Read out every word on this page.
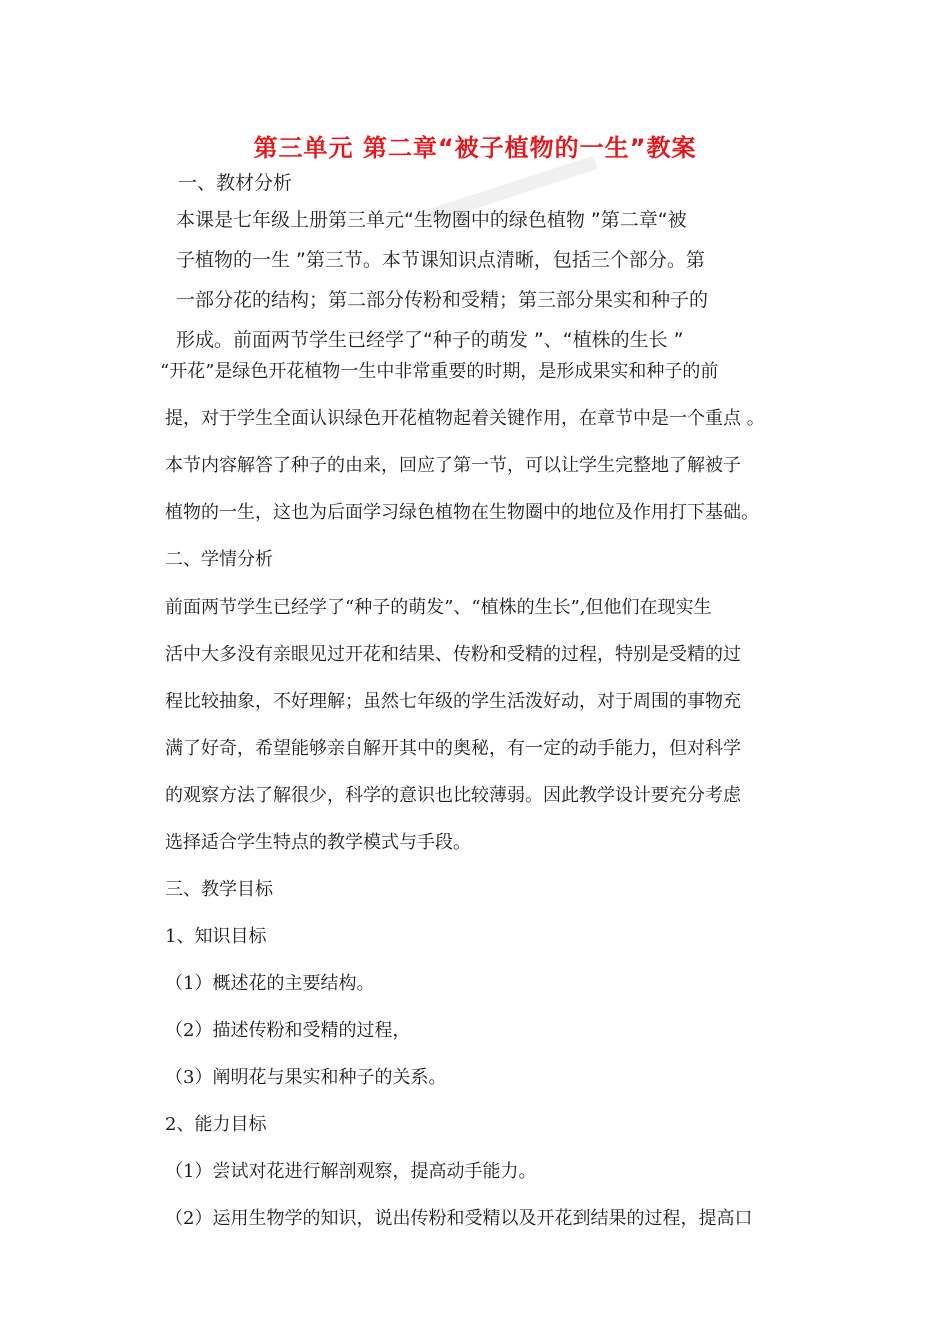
第三单元 第二章“被子植物的一生”教案
一、教材分析
本课是七年级上册第三单元“生物圈中的绿色植物 ”第二章“被
子植物的一生 ”第三节。本节课知识点清晰，包括三个部分。第
一部分花的结构；第二部分传粉和受精；第三部分果实和种子的
形成。前面两节学生已经学了“种子的萌发 ”、“植株的生长 ”
“开花”是绿色开花植物一生中非常重要的时期，是形成果实和种子的前
提，对于学生全面认识绿色开花植物起着关键作用，在章节中是一个重点 。
本节内容解答了种子的由来，回应了第一节，可以让学生完整地了解被子
植物的一生，这也为后面学习绿色植物在生物圈中的地位及作用打下基础。
二、学情分析
前面两节学生已经学了“种子的萌发”、“植株的生长”,但他们在现实生
活中大多没有亲眼见过开花和结果、传粉和受精的过程，特别是受精的过
程比较抽象，不好理解；虽然七年级的学生活泼好动，对于周围的事物充
满了好奇，希望能够亲自解开其中的奥秘，有一定的动手能力，但对科学
的观察方法了解很少，科学的意识也比较薄弱。因此教学设计要充分考虑
选择适合学生特点的教学模式与手段。
三、教学目标
1、知识目标
（1）概述花的主要结构。
（2）描述传粉和受精的过程，
（3）阐明花与果实和种子的关系。
2、能力目标
（1）尝试对花进行解剖观察，提高动手能力。
（2）运用生物学的知识，说出传粉和受精以及开花到结果的过程，提高口
